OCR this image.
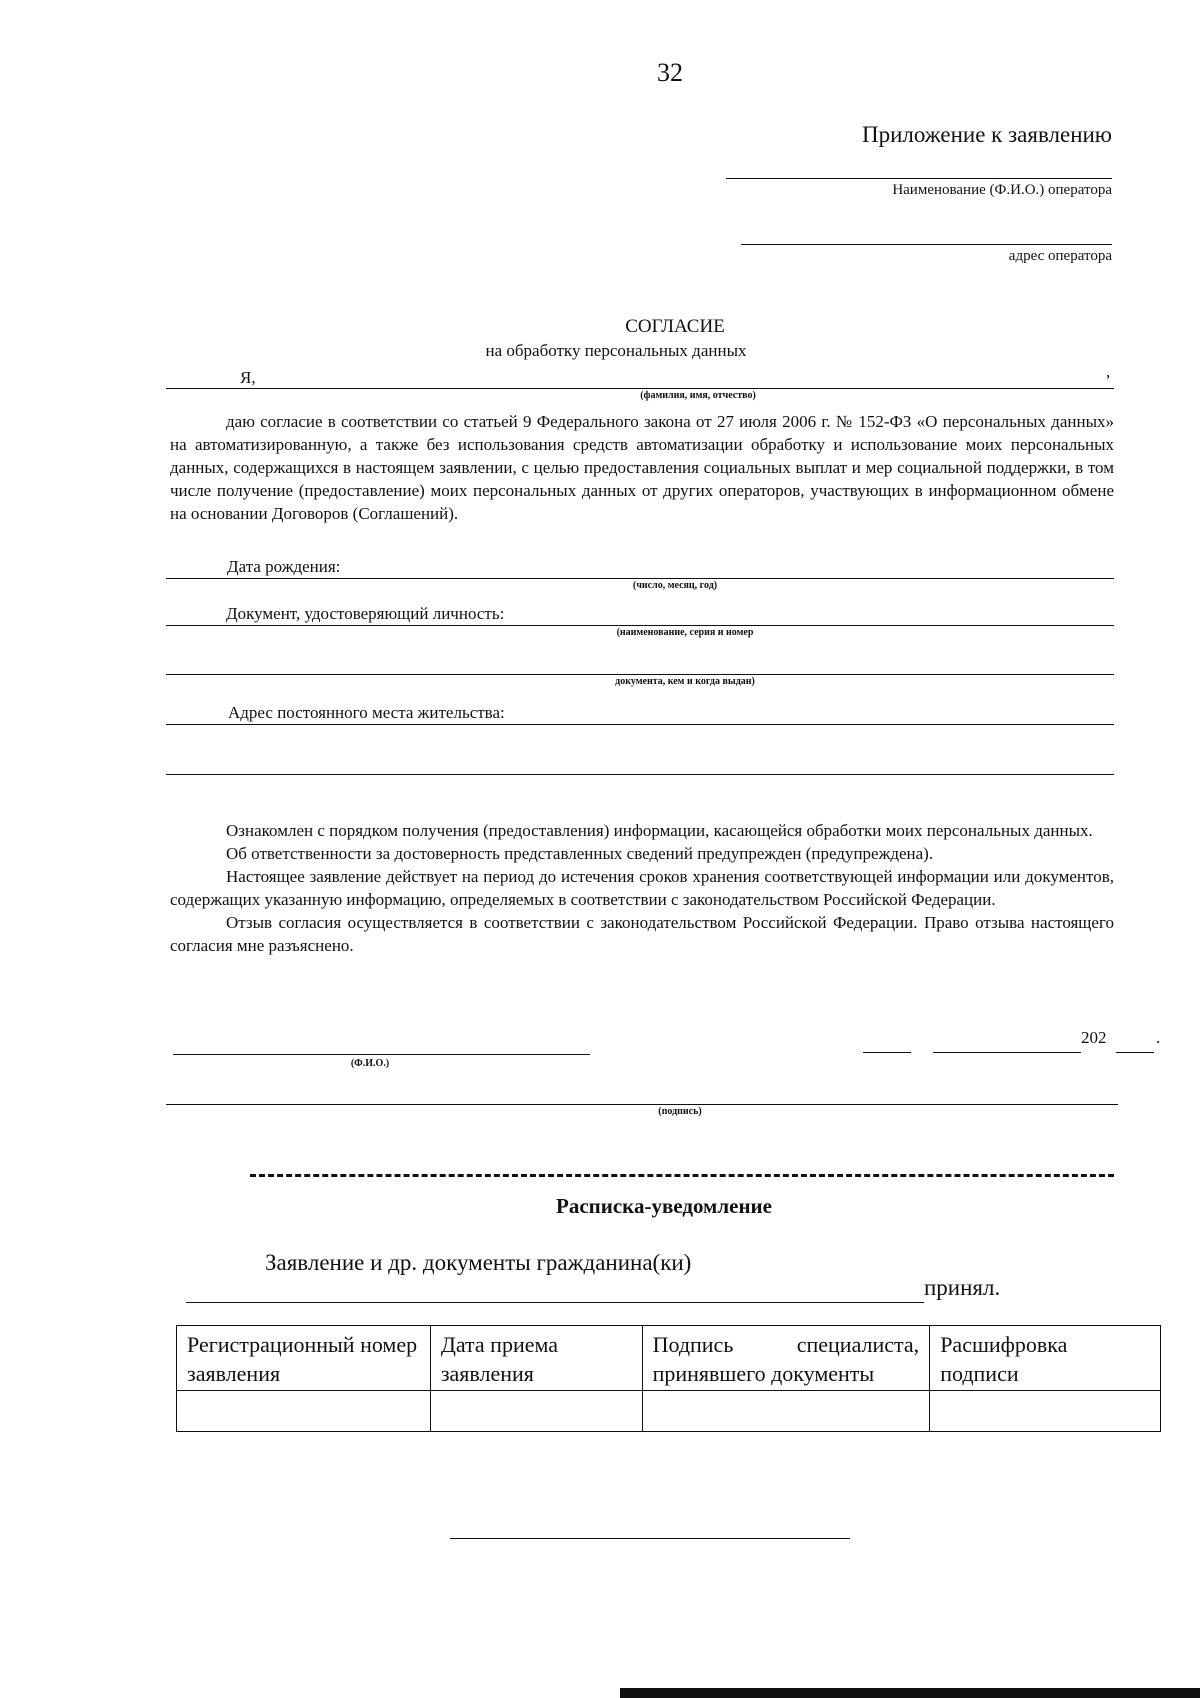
32
Приложение к заявлению
Наименование (Ф.И.О.) оператора
адрес оператора
СОГЛАСИЕ
на обработку персональных данных
Я,	,
(фамилия, имя, отчество)

даю согласие в соответствии со статьей 9 Федерального закона от 27 июля 2006 г. № 152-ФЗ «О персональных данных» на автоматизированную, а также без использования средств автоматизации обработку и использование моих персональных данных, содержащихся в настоящем заявлении, с целью предоставления социальных выплат и мер социальной поддержки, в том числе получение (предоставление) моих персональных данных от других операторов, участвующих в информационном обмене на основании Договоров (Соглашений).

Дата рождения:
(число, месяц, год)
Документ, удостоверяющий личность:
(наименование, серия и номер
документа, кем и когда выдан)
Адрес постоянного места жительства:

Ознакомлен с порядком получения (предоставления) информации, касающейся обработки моих персональных данных.

Об ответственности за достоверность представленных сведений предупрежден (предупреждена).

Настоящее заявление действует на период до истечения сроков хранения соответствующей информации или документов, содержащих указанную информацию, определяемых в соответствии с законодательством Российской Федерации.

Отзыв согласия осуществляется в соответствии с законодательством Российской Федерации. Право отзыва настоящего согласия мне разъяснено.

(Ф.И.О.)
202	.
(подпись)
Расписка-уведомление
Заявление и др. документы гражданина(ки)
принял.
Регистрационный номер заявления	Дата приема заявления	Подпись специалиста, принявшего документы	Расшифровка подписи
